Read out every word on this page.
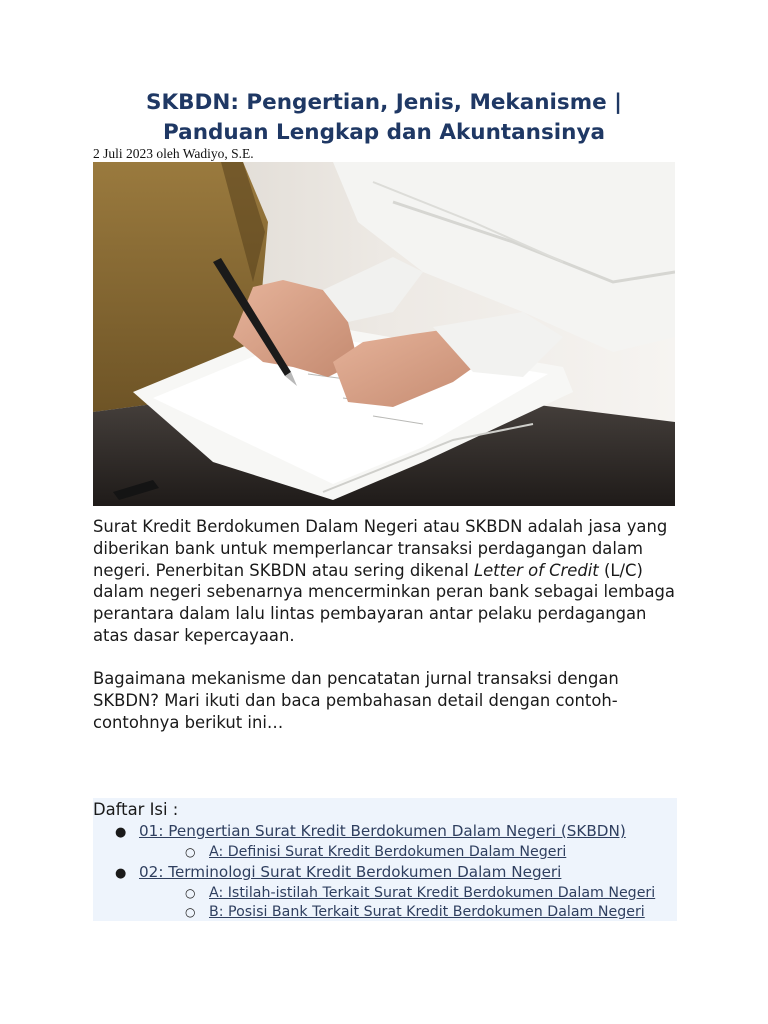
SKBDN: Pengertian, Jenis, Mekanisme | Panduan Lengkap dan Akuntansinya
2 Juli 2023 oleh Wadiyo, S.E.

Surat Kredit Berdokumen Dalam Negeri atau SKBDN adalah jasa yang diberikan bank untuk memperlancar transaksi perdagangan dalam negeri. Penerbitan SKBDN atau sering dikenal Letter of Credit (L/C) dalam negeri sebenarnya mencerminkan peran bank sebagai lembaga perantara dalam lalu lintas pembayaran antar pelaku perdagangan atas dasar kepercayaan.

Bagaimana mekanisme dan pencatatan jurnal transaksi dengan SKBDN? Mari ikuti dan baca pembahasan detail dengan contoh-contohnya berikut ini…

Daftar Isi :
● 01: Pengertian Surat Kredit Berdokumen Dalam Negeri (SKBDN)
○ A: Definisi Surat Kredit Berdokumen Dalam Negeri
● 02: Terminologi Surat Kredit Berdokumen Dalam Negeri
○ A: Istilah-istilah Terkait Surat Kredit Berdokumen Dalam Negeri
○ B: Posisi Bank Terkait Surat Kredit Berdokumen Dalam Negeri
